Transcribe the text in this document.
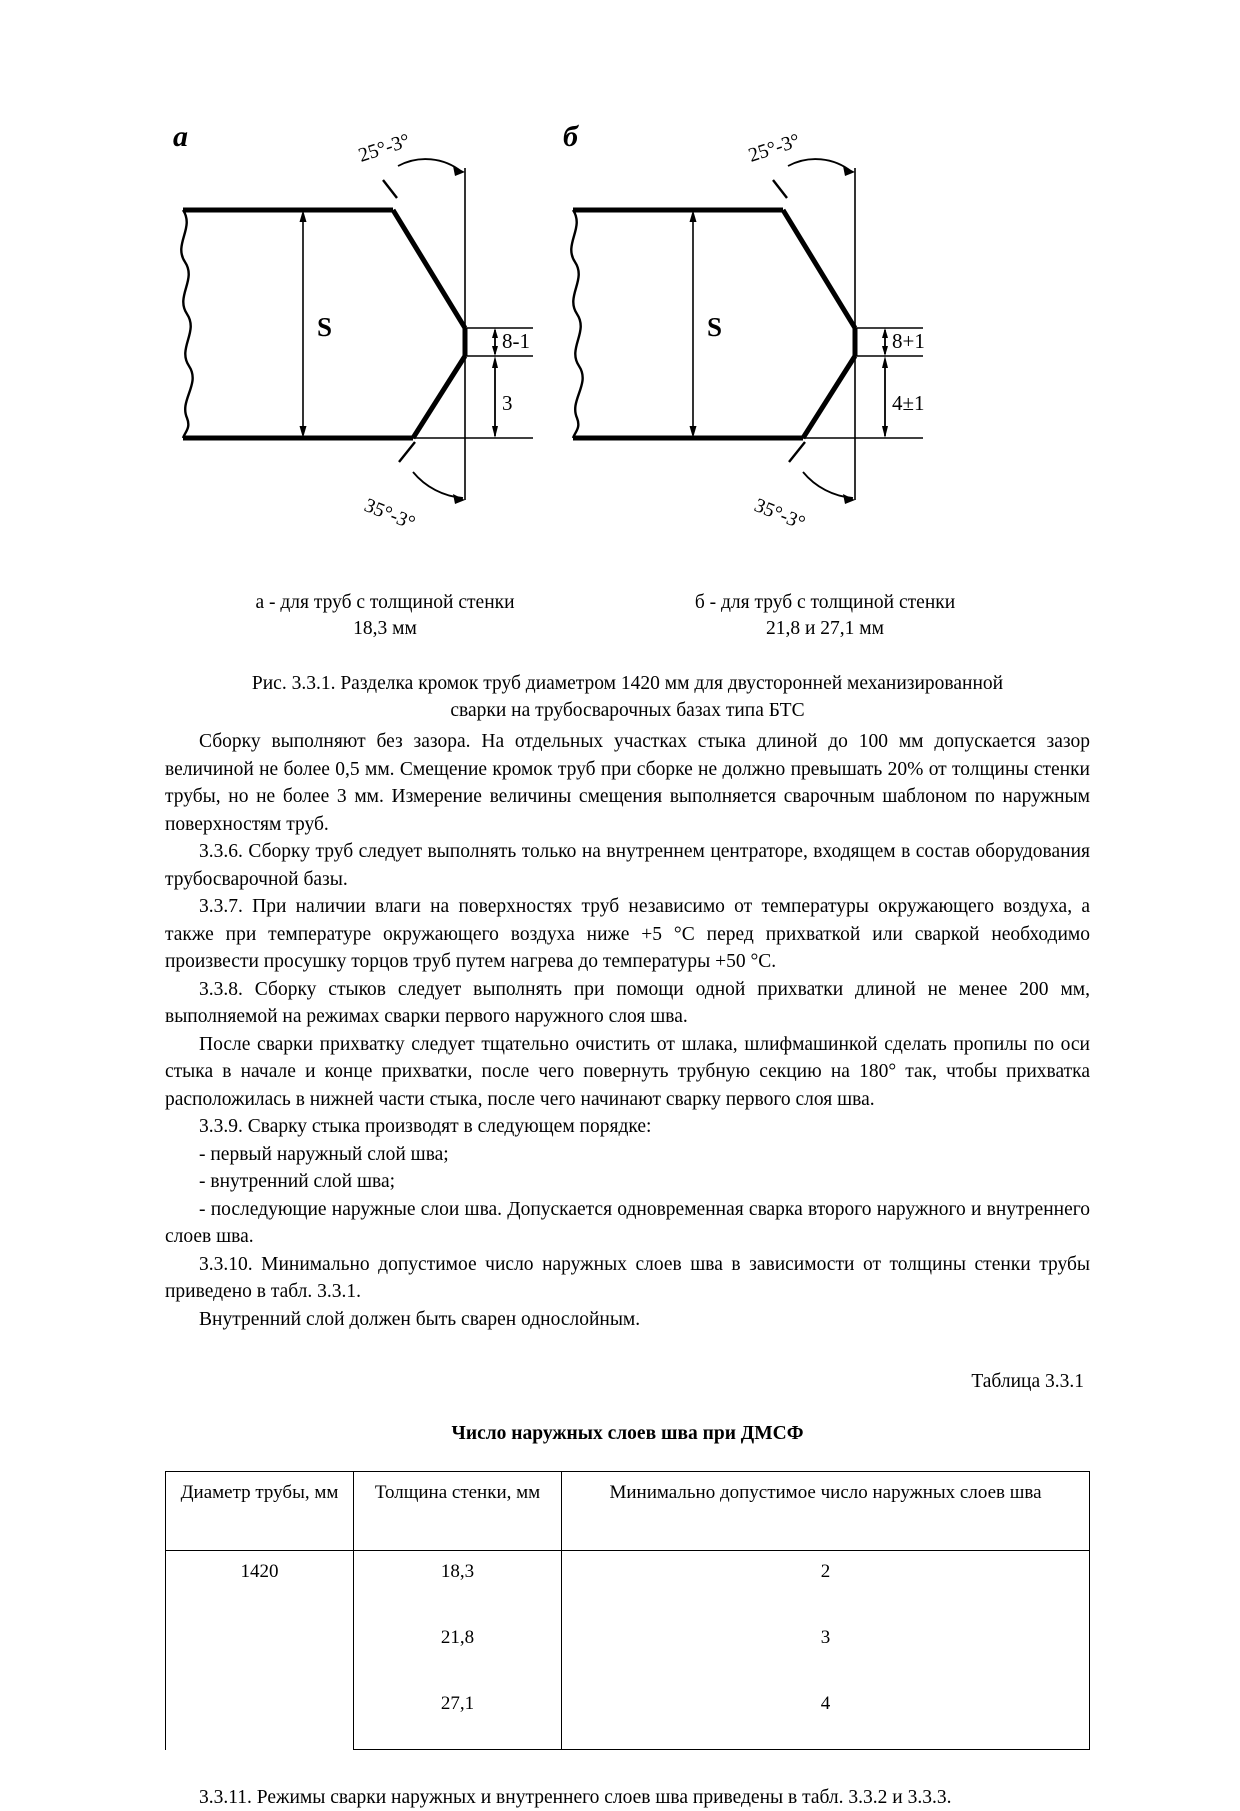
а
S	8-1
3
25°-3°
35°-3°
б
S	8+1
4±1
25°-3°
35°-3°
а - для труб с толщиной стенки
18,3 мм
б - для труб с толщиной стенки
21,8 и 27,1 мм
Рис. 3.3.1. Разделка кромок труб диаметром 1420 мм для двусторонней механизированной
сварки на трубосварочных базах типа БТС

Сборку выполняют без зазора. На отдельных участках стыка длиной до 100 мм допускается зазор величиной не более 0,5 мм. Смещение кромок труб при сборке не должно превышать 20% от толщины стенки трубы, но не более 3 мм. Измерение величины смещения выполняется сварочным шаблоном по наружным поверхностям труб.

3.3.6. Сборку труб следует выполнять только на внутреннем центраторе, входящем в состав оборудования трубосварочной базы.

3.3.7. При наличии влаги на поверхностях труб независимо от температуры окружающего воздуха, а также при температуре окружающего воздуха ниже +5 °C перед прихваткой или сваркой необходимо произвести просушку торцов труб путем нагрева до температуры +50 °C.

3.3.8. Сборку стыков следует выполнять при помощи одной прихватки длиной не менее 200 мм, выполняемой на режимах сварки первого наружного слоя шва.

После сварки прихватку следует тщательно очистить от шлака, шлифмашинкой сделать пропилы по оси стыка в начале и конце прихватки, после чего повернуть трубную секцию на 180° так, чтобы прихватка расположилась в нижней части стыка, после чего начинают сварку первого слоя шва.

3.3.9. Сварку стыка производят в следующем порядке:

- первый наружный слой шва;

- внутренний слой шва;

- последующие наружные слои шва. Допускается одновременная сварка второго наружного и внутреннего слоев шва.

3.3.10. Минимально допустимое число наружных слоев шва в зависимости от толщины стенки трубы приведено в табл. 3.3.1.

Внутренний слой должен быть сварен однослойным.

Таблица 3.3.1
Число наружных слоев шва при ДМСФ
Диаметр трубы, мм	Толщина стенки, мм	Минимально допустимое число наружных слоев шва
1420	18,3	2
	21,8	3
	27,1	4
3.3.11. Режимы сварки наружных и внутреннего слоев шва приведены в табл. 3.3.2 и 3.3.3.
